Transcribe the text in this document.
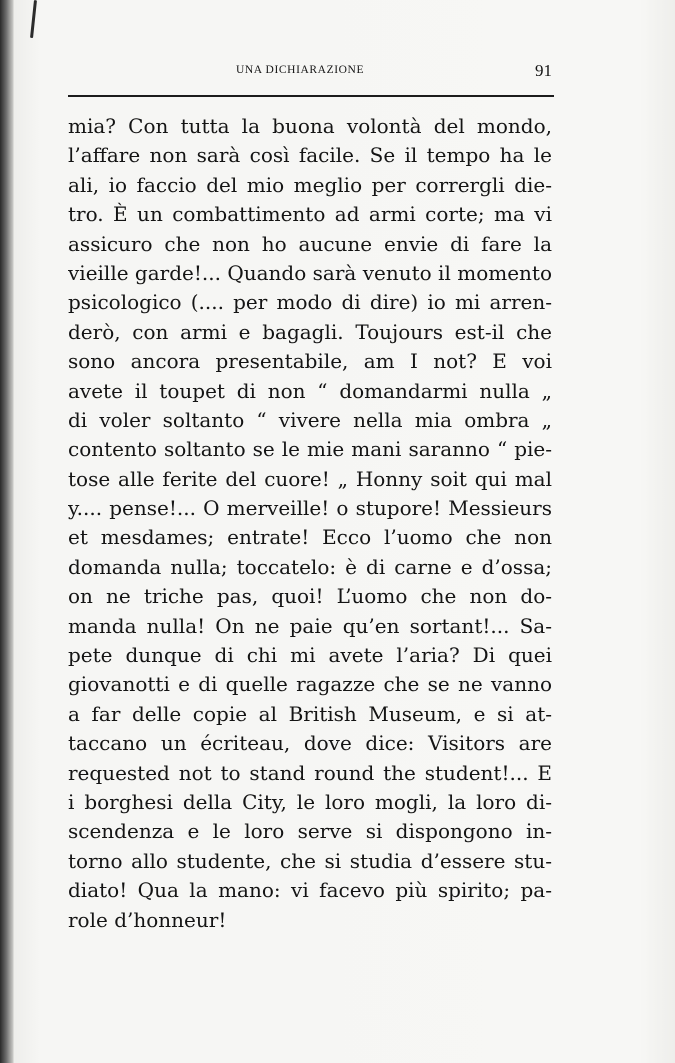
UNA DICHIARAZIONE	91
mia? Con tutta la buona volontà del mondo,
l’affare non sarà così facile. Se il tempo ha le
ali, io faccio del mio meglio per corrergli die-
tro. È un combattimento ad armi corte; ma vi
assicuro che non ho aucune envie di fare la
vieille garde!... Quando sarà venuto il momento
psicologico (.... per modo di dire) io mi arren-
derò, con armi e bagagli. Toujours est-il che
sono ancora presentabile, am I not? E voi
avete il toupet di non “ domandarmi nulla „
di voler soltanto “ vivere nella mia ombra „
contento soltanto se le mie mani saranno “ pie-
tose alle ferite del cuore! „ Honny soit qui mal
y.... pense!... O merveille! o stupore! Messieurs
et mesdames; entrate! Ecco l’uomo che non
domanda nulla; toccatelo: è di carne e d’ossa;
on ne triche pas, quoi! L’uomo che non do-
manda nulla! On ne paie qu’en sortant!... Sa-
pete dunque di chi mi avete l’aria? Di quei
giovanotti e di quelle ragazze che se ne vanno
a far delle copie al British Museum, e si at-
taccano un écriteau, dove dice: Visitors are
requested not to stand round the student!... E
i borghesi della City, le loro mogli, la loro di-
scendenza e le loro serve si dispongono in-
torno allo studente, che si studia d’essere stu-
diato! Qua la mano: vi facevo più spirito; pa-
role d’honneur!
